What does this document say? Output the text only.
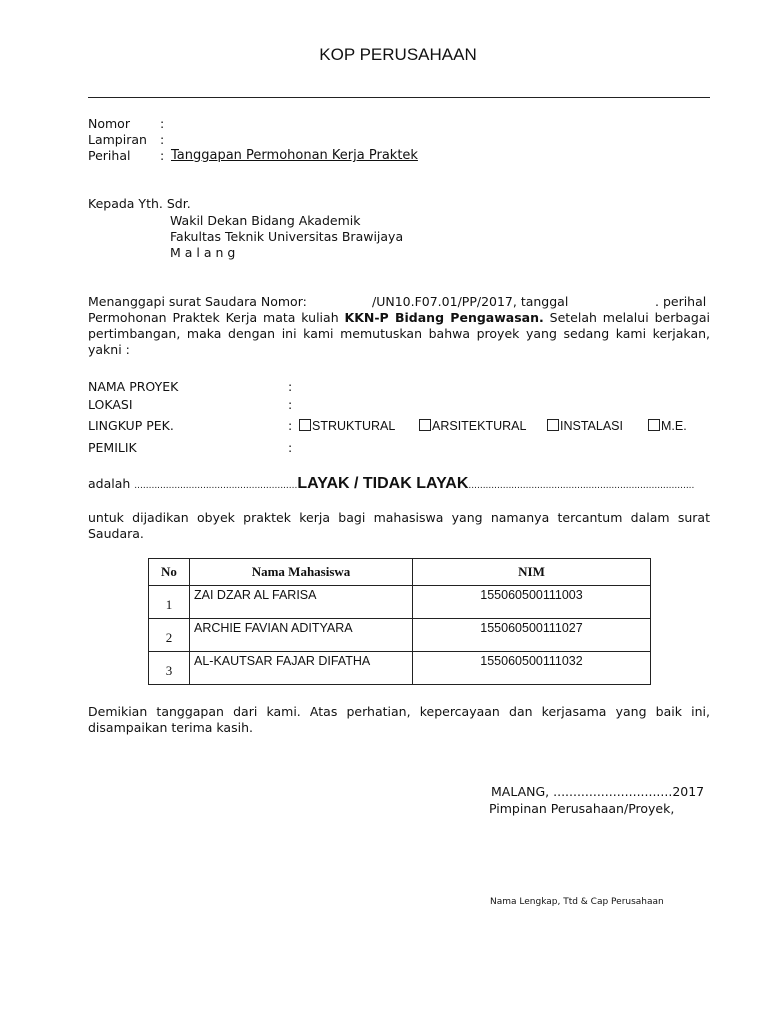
KOP PERUSAHAAN
Nomor :
Lampiran :
Perihal : Tanggapan Permohonan Kerja Praktek
Kepada Yth. Sdr.
Wakil Dekan Bidang Akademik
Fakultas Teknik Universitas Brawijaya
M a l a n g
Menanggapi surat Saudara Nomor:	/UN10.F07.01/PP/2017, tanggal	. perihal
Permohonan Praktek Kerja mata kuliah KKN-P Bidang Pengawasan. Setelah melalui berbagai
pertimbangan, maka dengan ini kami memutuskan bahwa proyek yang sedang kami kerjakan,
yakni :
NAMA PROYEK	:
LOKASI	:
LINGKUP PEK.	:	STRUKTURAL	ARSITEKTURAL	INSTALASI	M.E.
PEMILIK	:
adalah .........................................................LAYAK / TIDAK LAYAK...............................................................................
untuk dijadikan obyek praktek kerja bagi mahasiswa yang namanya tercantum dalam surat
Saudara.
No	Nama Mahasiswa	NIM
1	ZAI DZAR AL FARISA	155060500111003
2	ARCHIE FAVIAN ADITYARA	155060500111027
3	AL-KAUTSAR FAJAR DIFATHA	155060500111032
Demikian tanggapan dari kami. Atas perhatian, kepercayaan dan kerjasama yang baik ini,
disampaikan terima kasih.
MALANG, ..............................2017
Pimpinan Perusahaan/Proyek,
Nama Lengkap, Ttd & Cap Perusahaan
